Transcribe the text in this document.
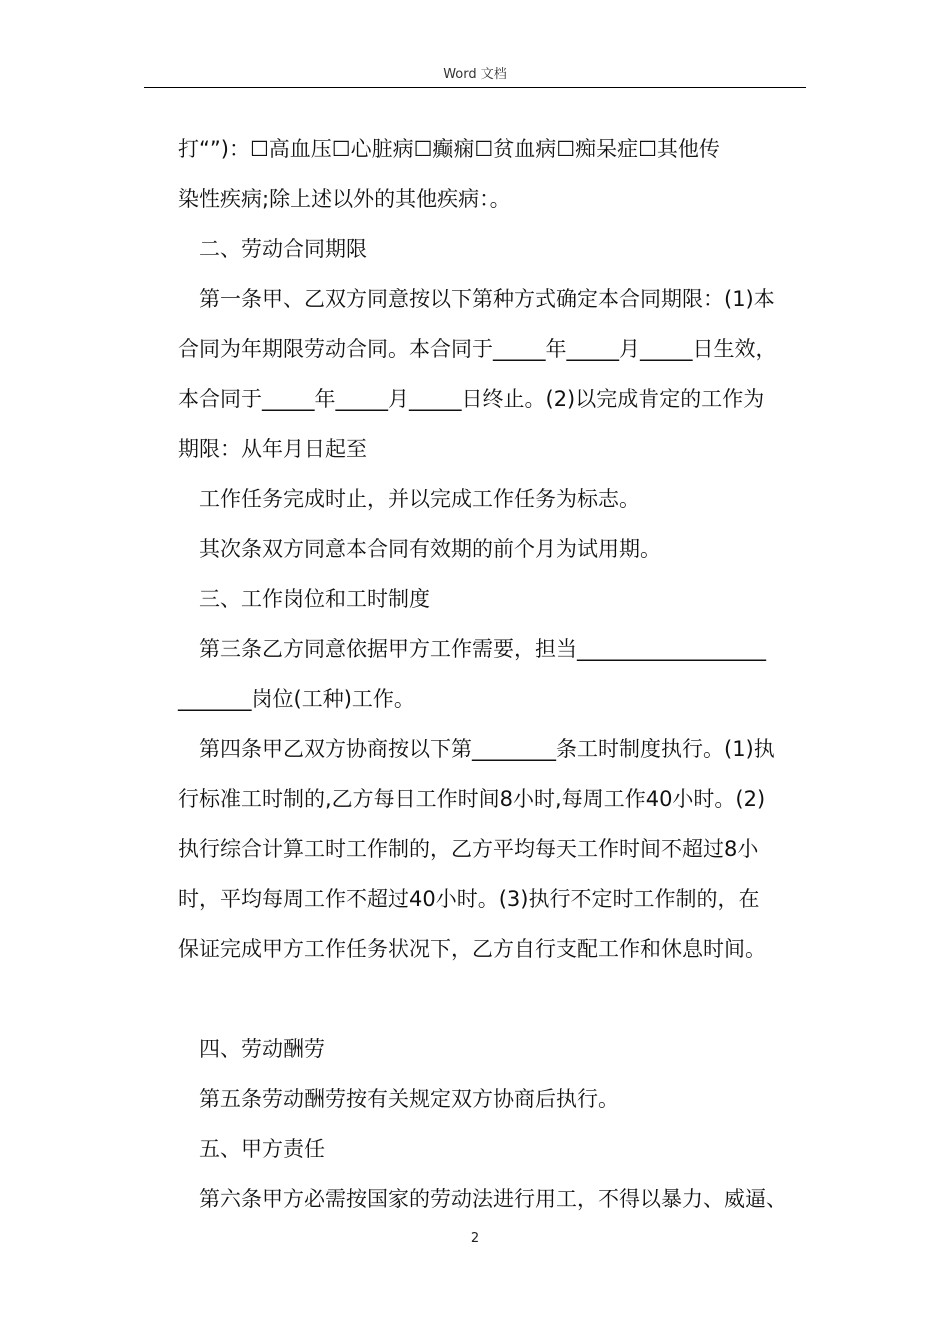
Word 文档

打“”)：☐高血压☐心脏病☐癫痫☐贫血病☐痴呆症☐其他传

染性疾病;除上述以外的其他疾病：。

　二、劳动合同期限

　第一条甲、乙双方同意按以下第种方式确定本合同期限：(1)本

合同为年期限劳动合同。本合同于_____年_____月_____日生效，

本合同于_____年_____月_____日终止。(2)以完成肯定的工作为

期限：从年月日起至

　工作任务完成时止，并以完成工作任务为标志。

　其次条双方同意本合同有效期的前个月为试用期。

　三、工作岗位和工时制度

　第三条乙方同意依据甲方工作需要，担当__________________

_______岗位(工种)工作。

　第四条甲乙双方协商按以下第________条工时制度执行。(1)执

行标准工时制的,乙方每日工作时间8小时,每周工作40小时。(2)

执行综合计算工时工作制的，乙方平均每天工作时间不超过8小

时，平均每周工作不超过40小时。(3)执行不定时工作制的，在

保证完成甲方工作任务状况下，乙方自行支配工作和休息时间。

　四、劳动酬劳

　第五条劳动酬劳按有关规定双方协商后执行。

　五、甲方责任

　第六条甲方必需按国家的劳动法进行用工，不得以暴力、威逼、

2
